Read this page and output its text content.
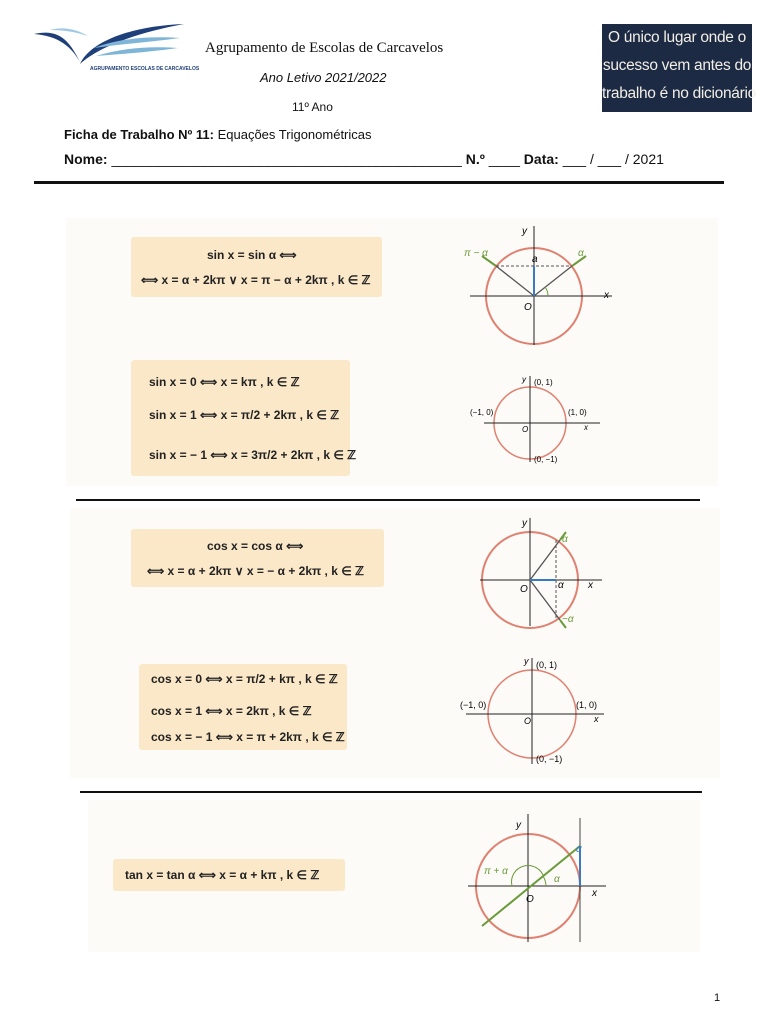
AGRUPAMENTO ESCOLAS DE CARCAVELOS
Agrupamento de Escolas de Carcavelos
Ano Letivo 2021/2022
11º Ano
Ficha de Trabalho Nº 11: Equações Trigonométricas
Nome: _____________________________________________ N.º ____ Data: ___ / ___ / 2021
O único lugar onde o
sucesso vem antes do
trabalho é no dicionário
sin x = sin α ⟺
⟺ x = α + 2kπ ∨ x = π − α + 2kπ , k ∈ ℤ
y
x
O
a
α
π − α
sin x = 0 ⟺ x = kπ , k ∈ ℤ
sin x = 1 ⟺ x = π/2 + 2kπ , k ∈ ℤ
sin x = − 1 ⟺ x = 3π/2 + 2kπ , k ∈ ℤ
y
x
O
(0, 1)
(−1, 0)	(1, 0)
(0, −1)
cos x = cos α ⟺
⟺ x = α + 2kπ ∨ x = − α + 2kπ , k ∈ ℤ
y
x
O
α
α
−α
cos x = 0 ⟺ x = π/2 + kπ , k ∈ ℤ
cos x = 1 ⟺ x = 2kπ , k ∈ ℤ
cos x = − 1 ⟺ x = π + 2kπ , k ∈ ℤ
y
x
O
(0, 1)
(−1, 0)	(1, 0)
(0, −1)
tan x = tan α ⟺ x = α + kπ , k ∈ ℤ
y
x
O
α
α
π + α
1
